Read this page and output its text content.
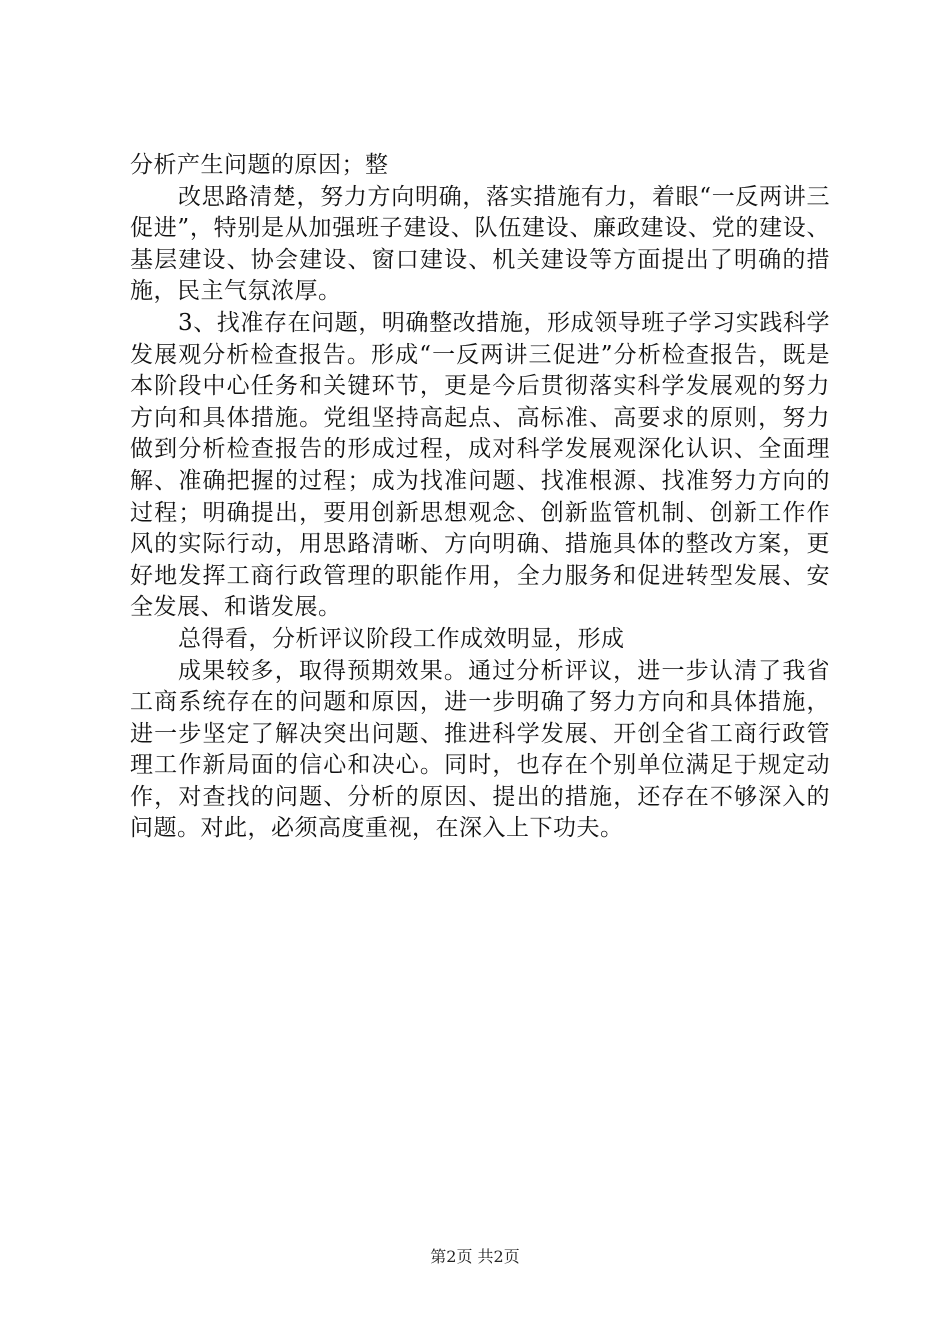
分析产生问题的原因；整

改思路清楚，努力方向明确，落实措施有力，着眼“一反两讲三促进”，特别是从加强班子建设、队伍建设、廉政建设、党的建设、基层建设、协会建设、窗口建设、机关建设等方面提出了明确的措施，民主气氛浓厚。

3、找准存在问题，明确整改措施，形成领导班子学习实践科学发展观分析检查报告。形成“一反两讲三促进”分析检查报告，既是本阶段中心任务和关键环节，更是今后贯彻落实科学发展观的努力方向和具体措施。党组坚持高起点、高标准、高要求的原则，努力做到分析检查报告的形成过程，成对科学发展观深化认识、全面理解、准确把握的过程；成为找准问题、找准根源、找准努力方向的过程；明确提出，要用创新思想观念、创新监管机制、创新工作作风的实际行动，用思路清晰、方向明确、措施具体的整改方案，更好地发挥工商行政管理的职能作用，全力服务和促进转型发展、安全发展、和谐发展。

总得看，分析评议阶段工作成效明显，形成

成果较多，取得预期效果。通过分析评议，进一步认清了我省工商系统存在的问题和原因，进一步明确了努力方向和具体措施，进一步坚定了解决突出问题、推进科学发展、开创全省工商行政管理工作新局面的信心和决心。同时，也存在个别单位满足于规定动作，对查找的问题、分析的原因、提出的措施，还存在不够深入的问题。对此，必须高度重视，在深入上下功夫。

第2页 共2页
